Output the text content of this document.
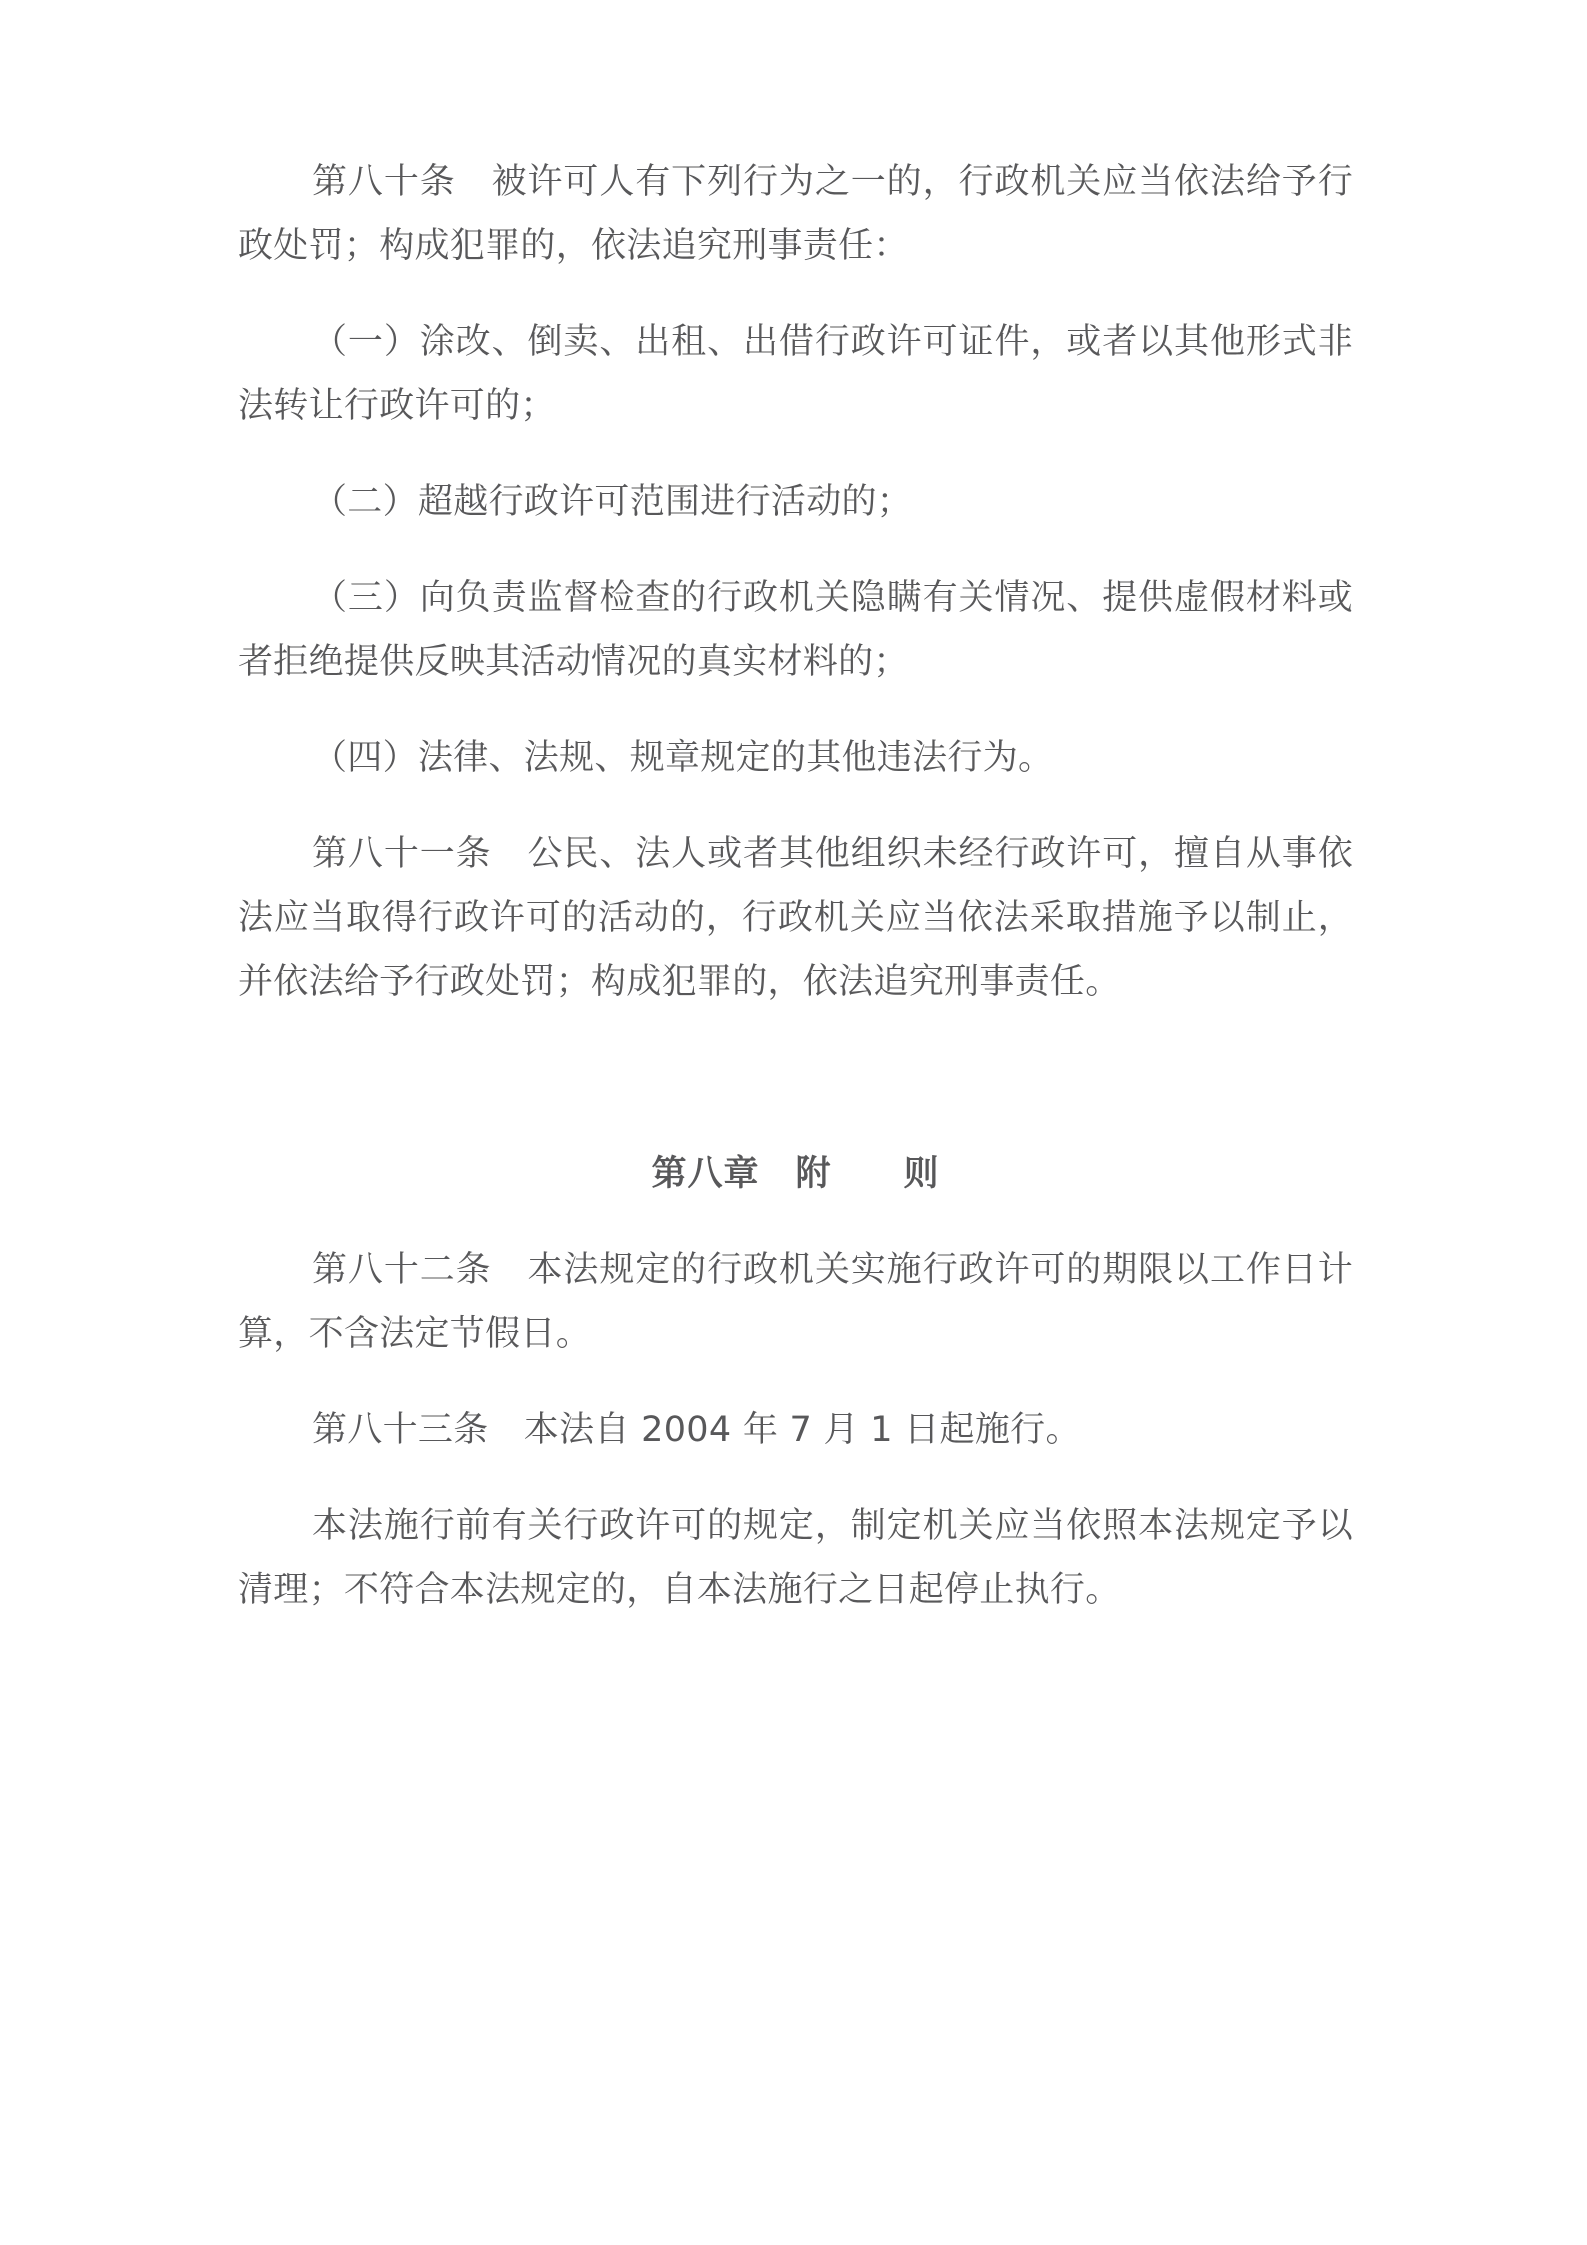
第八十条　被许可人有下列行为之一的，行政机关应当依法给予行政处罚；构成犯罪的，依法追究刑事责任：

（一）涂改、倒卖、出租、出借行政许可证件，或者以其他形式非法转让行政许可的；

（二）超越行政许可范围进行活动的；

（三）向负责监督检查的行政机关隐瞒有关情况、提供虚假材料或者拒绝提供反映其活动情况的真实材料的；

（四）法律、法规、规章规定的其他违法行为。

第八十一条　公民、法人或者其他组织未经行政许可，擅自从事依法应当取得行政许可的活动的，行政机关应当依法采取措施予以制止，并依法给予行政处罚；构成犯罪的，依法追究刑事责任。

第八章　附　　则

第八十二条　本法规定的行政机关实施行政许可的期限以工作日计算，不含法定节假日。

第八十三条　本法自 2004 年 7 月 1 日起施行。

本法施行前有关行政许可的规定，制定机关应当依照本法规定予以清理；不符合本法规定的，自本法施行之日起停止执行。
